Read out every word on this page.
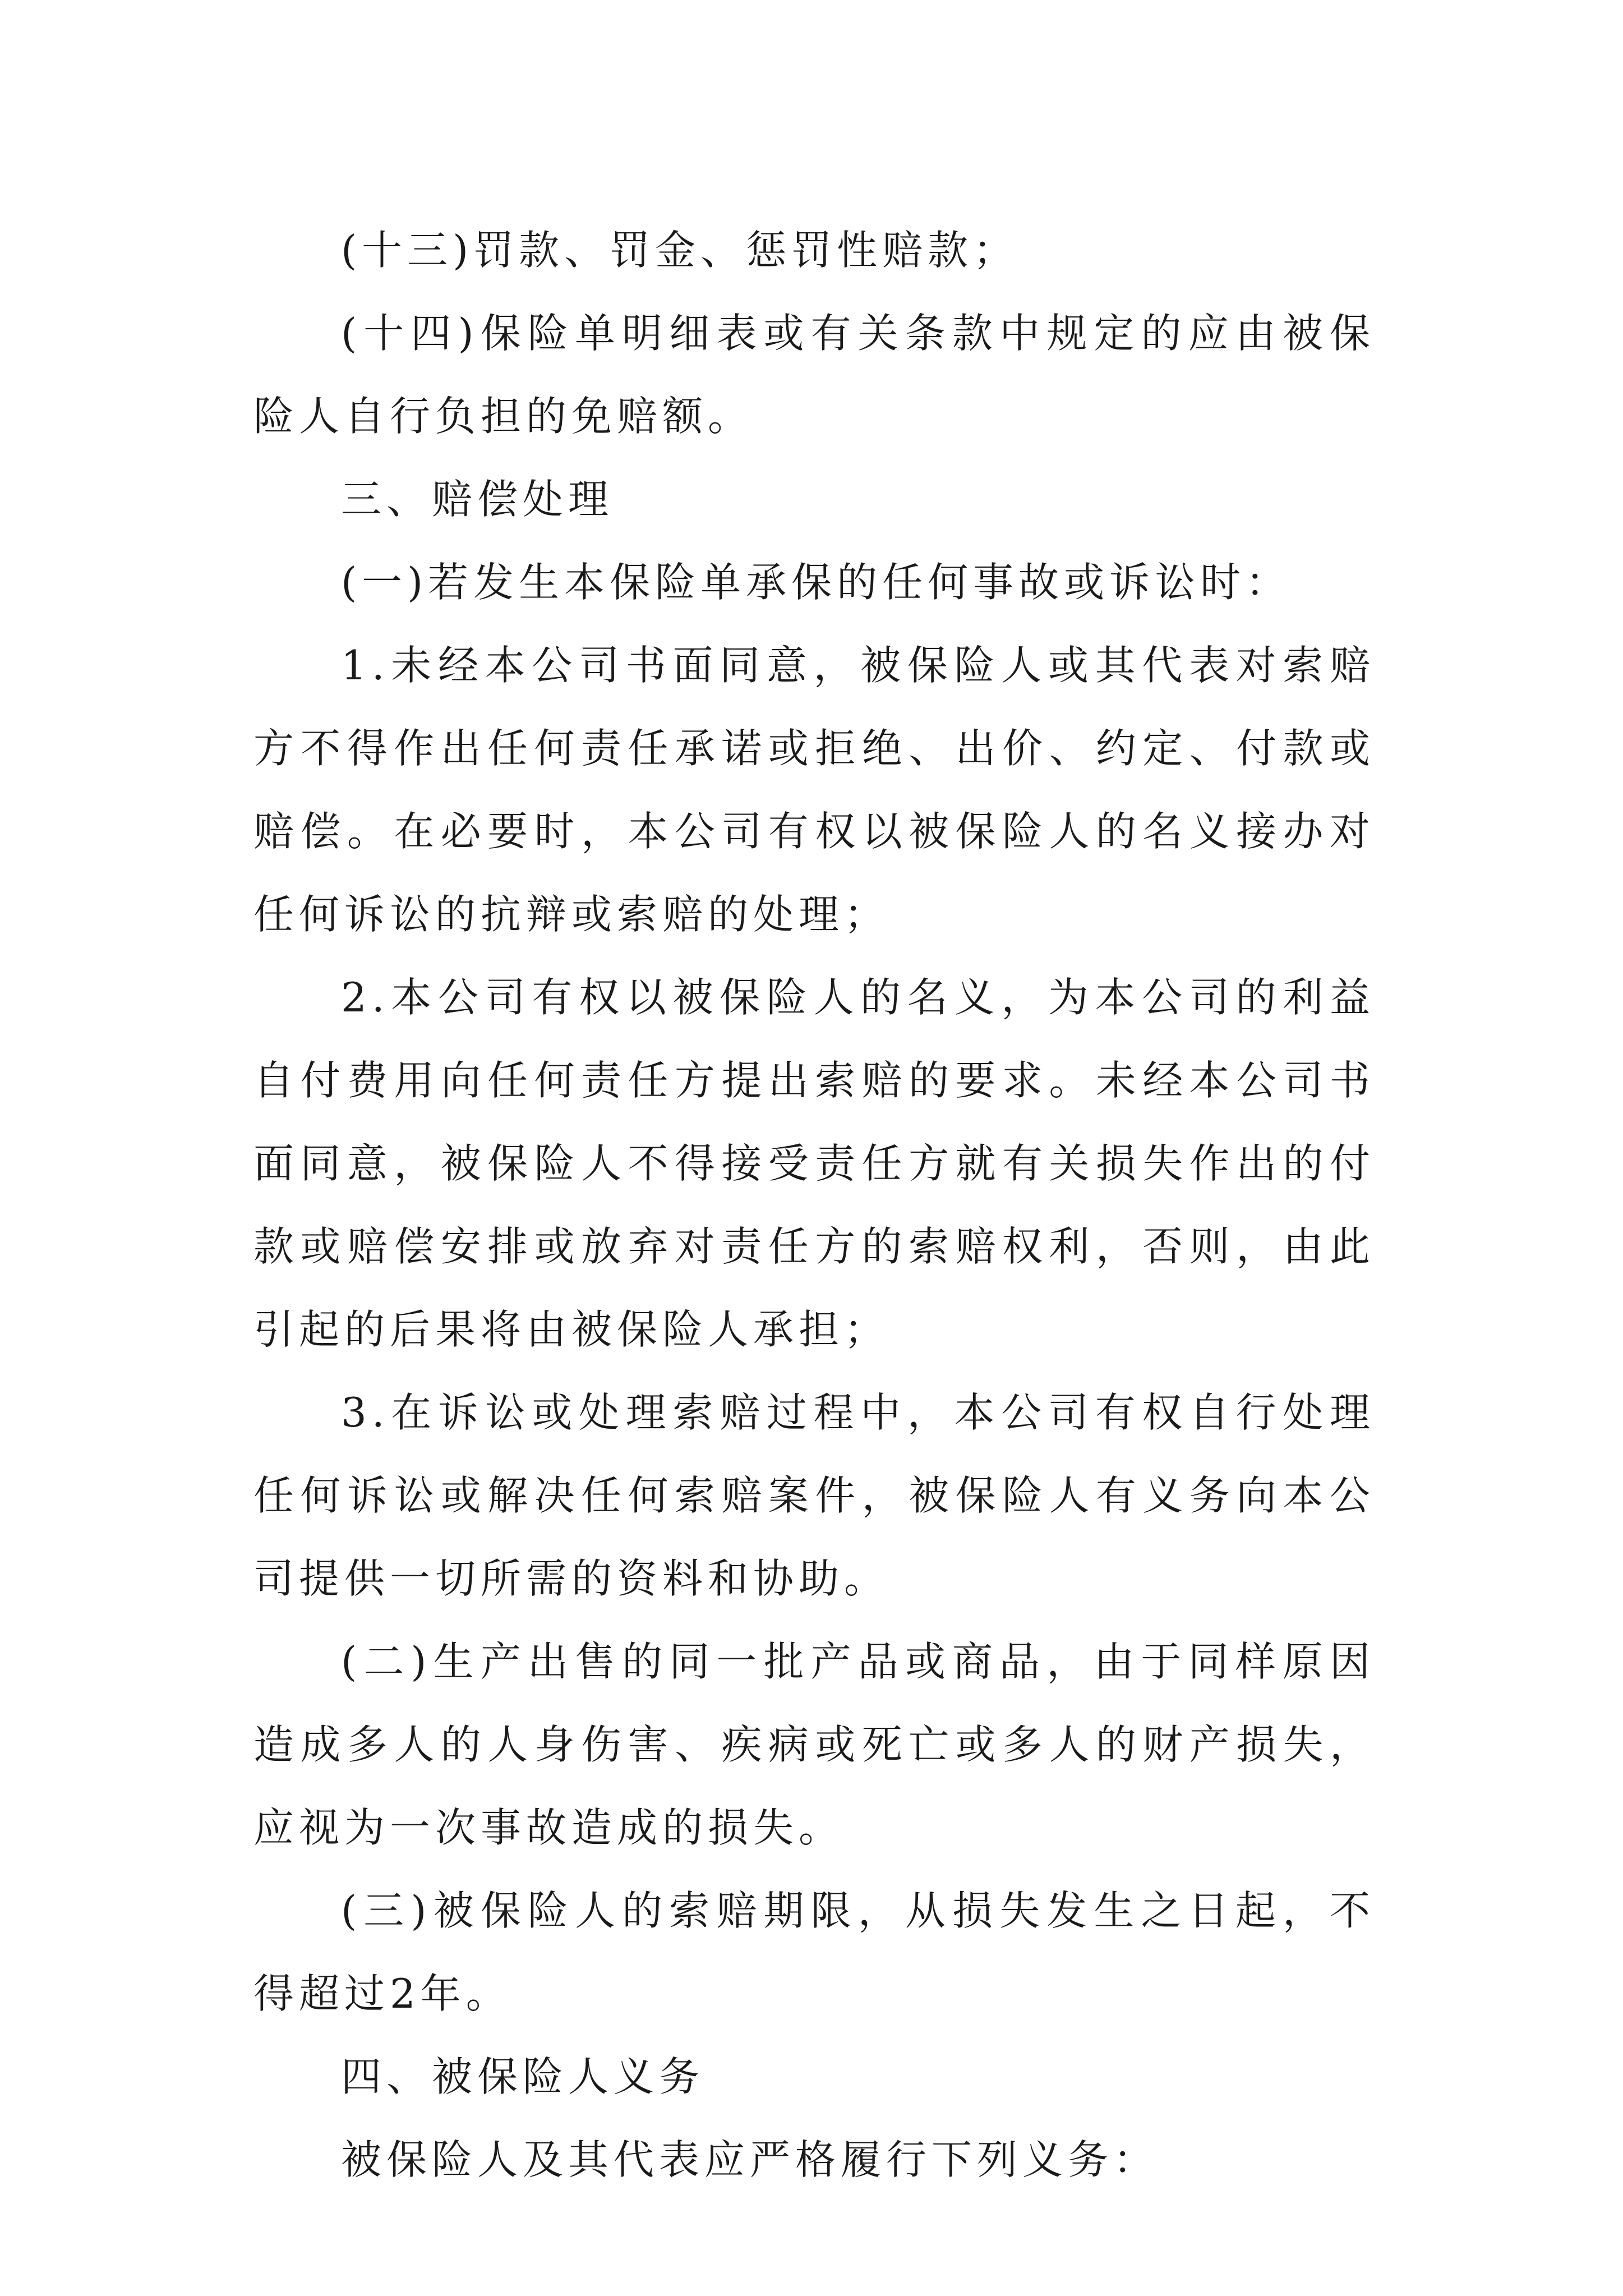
(十三)罚款、罚金、惩罚性赔款；

(十四)保险单明细表或有关条款中规定的应由被保险人自行负担的免赔额。

三、赔偿处理

(一)若发生本保险单承保的任何事故或诉讼时：

1.未经本公司书面同意，被保险人或其代表对索赔方不得作出任何责任承诺或拒绝、出价、约定、付款或赔偿。在必要时，本公司有权以被保险人的名义接办对任何诉讼的抗辩或索赔的处理；

2.本公司有权以被保险人的名义，为本公司的利益自付费用向任何责任方提出索赔的要求。未经本公司书面同意，被保险人不得接受责任方就有关损失作出的付款或赔偿安排或放弃对责任方的索赔权利，否则，由此引起的后果将由被保险人承担；

3.在诉讼或处理索赔过程中，本公司有权自行处理任何诉讼或解决任何索赔案件，被保险人有义务向本公司提供一切所需的资料和协助。

(二)生产出售的同一批产品或商品，由于同样原因造成多人的人身伤害、疾病或死亡或多人的财产损失，应视为一次事故造成的损失。

(三)被保险人的索赔期限，从损失发生之日起，不得超过2年。

四、被保险人义务

被保险人及其代表应严格履行下列义务：
